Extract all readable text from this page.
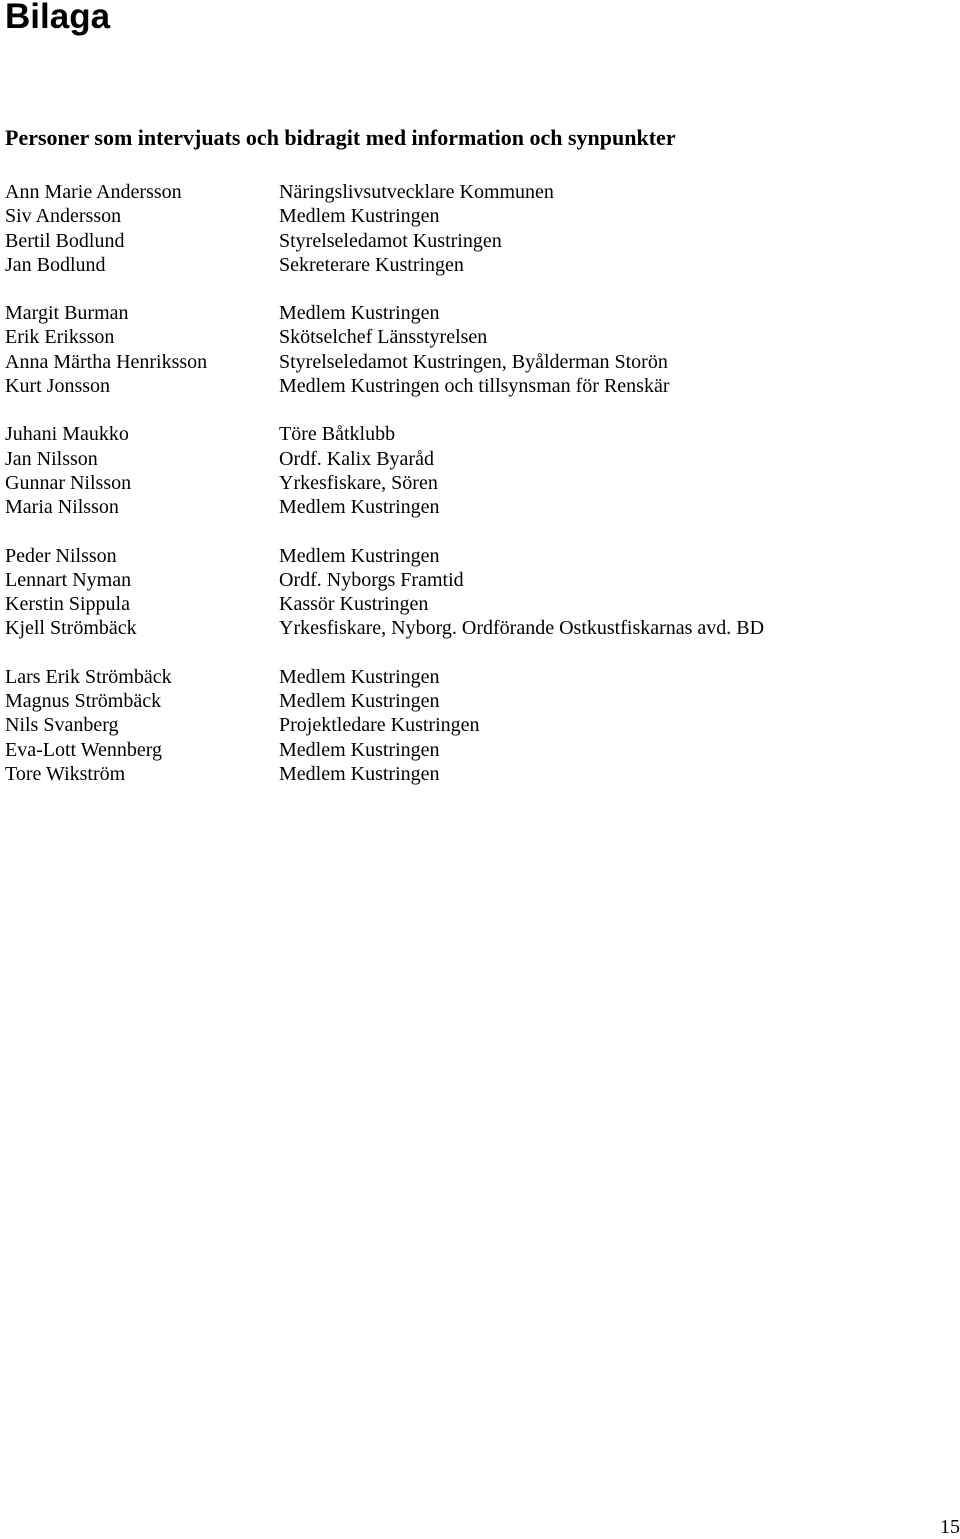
Bilaga
Personer som intervjuats och bidragit med information och synpunkter
Ann Marie Andersson	Näringslivsutvecklare Kommunen
Siv Andersson	Medlem Kustringen
Bertil Bodlund	Styrelseledamot Kustringen
Jan Bodlund	Sekreterare Kustringen
Margit Burman	Medlem Kustringen
Erik Eriksson	Skötselchef Länsstyrelsen
Anna Märtha Henriksson	Styrelseledamot Kustringen, Byålderman Storön
Kurt Jonsson	Medlem Kustringen och tillsynsman för Renskär
Juhani Maukko	Töre Båtklubb
Jan Nilsson	Ordf. Kalix Byaråd
Gunnar Nilsson	Yrkesfiskare, Sören
Maria Nilsson	Medlem Kustringen
Peder Nilsson	Medlem Kustringen
Lennart Nyman	Ordf. Nyborgs Framtid
Kerstin Sippula	Kassör Kustringen
Kjell Strömbäck	Yrkesfiskare, Nyborg. Ordförande Ostkustfiskarnas avd. BD
Lars Erik Strömbäck	Medlem Kustringen
Magnus Strömbäck	Medlem Kustringen
Nils Svanberg	Projektledare Kustringen
Eva-Lott Wennberg	Medlem Kustringen
Tore Wikström	Medlem Kustringen
15
